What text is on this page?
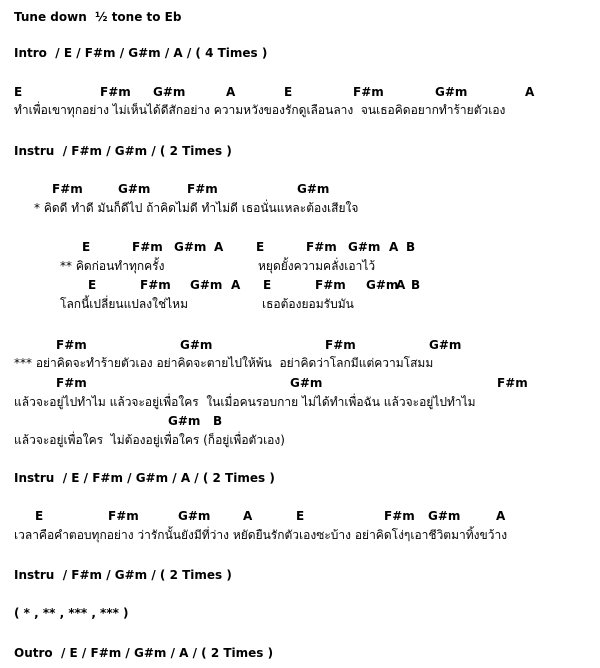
Tune down  ½ tone to Eb
Intro  / E / F#m / G#m / A / ( 4 Times )
E	F#m G#m	A	E	F#m	G#m	A
ทำเพื่อเขาทุกอย่าง ไม่เห็นได้ดีสักอย่าง ความหวังของรักดูเลือนลาง  จนเธอคิดอยากทำร้ายตัวเอง
Instru  / F#m / G#m / ( 2 Times )
F#m	G#m	F#m	G#m
* คิดดี ทำดี มันก็ดีไป ถ้าคิดไม่ดี ทำไม่ดี เธอนั่นแหละต้องเสียใจ
E	F#m G#m A	E	F#m G#m A B
** คิดก่อนทำทุกครั้ง	หยุดยั้งความคลั่งเอาไว้
E	F#m G#m A E	F#m G#m
A B
โลกนี้เปลี่ยนแปลงใช่ไหม	เธอต้องยอมรับมัน
F#m	G#m	F#m	G#m
*** อย่าคิดจะทำร้ายตัวเอง อย่าคิดจะตายไปให้พ้น  อย่าคิดว่าโลกมีแต่ความโสมม
F#m	G#m	F#m
แล้วจะอยู่ไปทำไม แล้วจะอยู่เพื่อใคร  ในเมื่อคนรอบกาย ไม่ได้ทำเพื่อฉัน แล้วจะอยู่ไปทำไม
G#m B
แล้วจะอยู่เพื่อใคร  ไม่ต้องอยู่เพื่อใคร (ก็อยู่เพื่อตัวเอง)
Instru  / E / F#m / G#m / A / ( 2 Times )
E	F#m	G#m	A	E	F#m G#m	A
เวลาคือคำตอบทุกอย่าง ว่ารักนั้นยังมีที่ว่าง หยัดยืนรักตัวเองซะบ้าง อย่าคิดโง่ๆเอาชีวิตมาทิ้งขว้าง
Instru  / F#m / G#m / ( 2 Times )
( * , ** , *** , *** )
Outro  / E / F#m / G#m / A / ( 2 Times )
